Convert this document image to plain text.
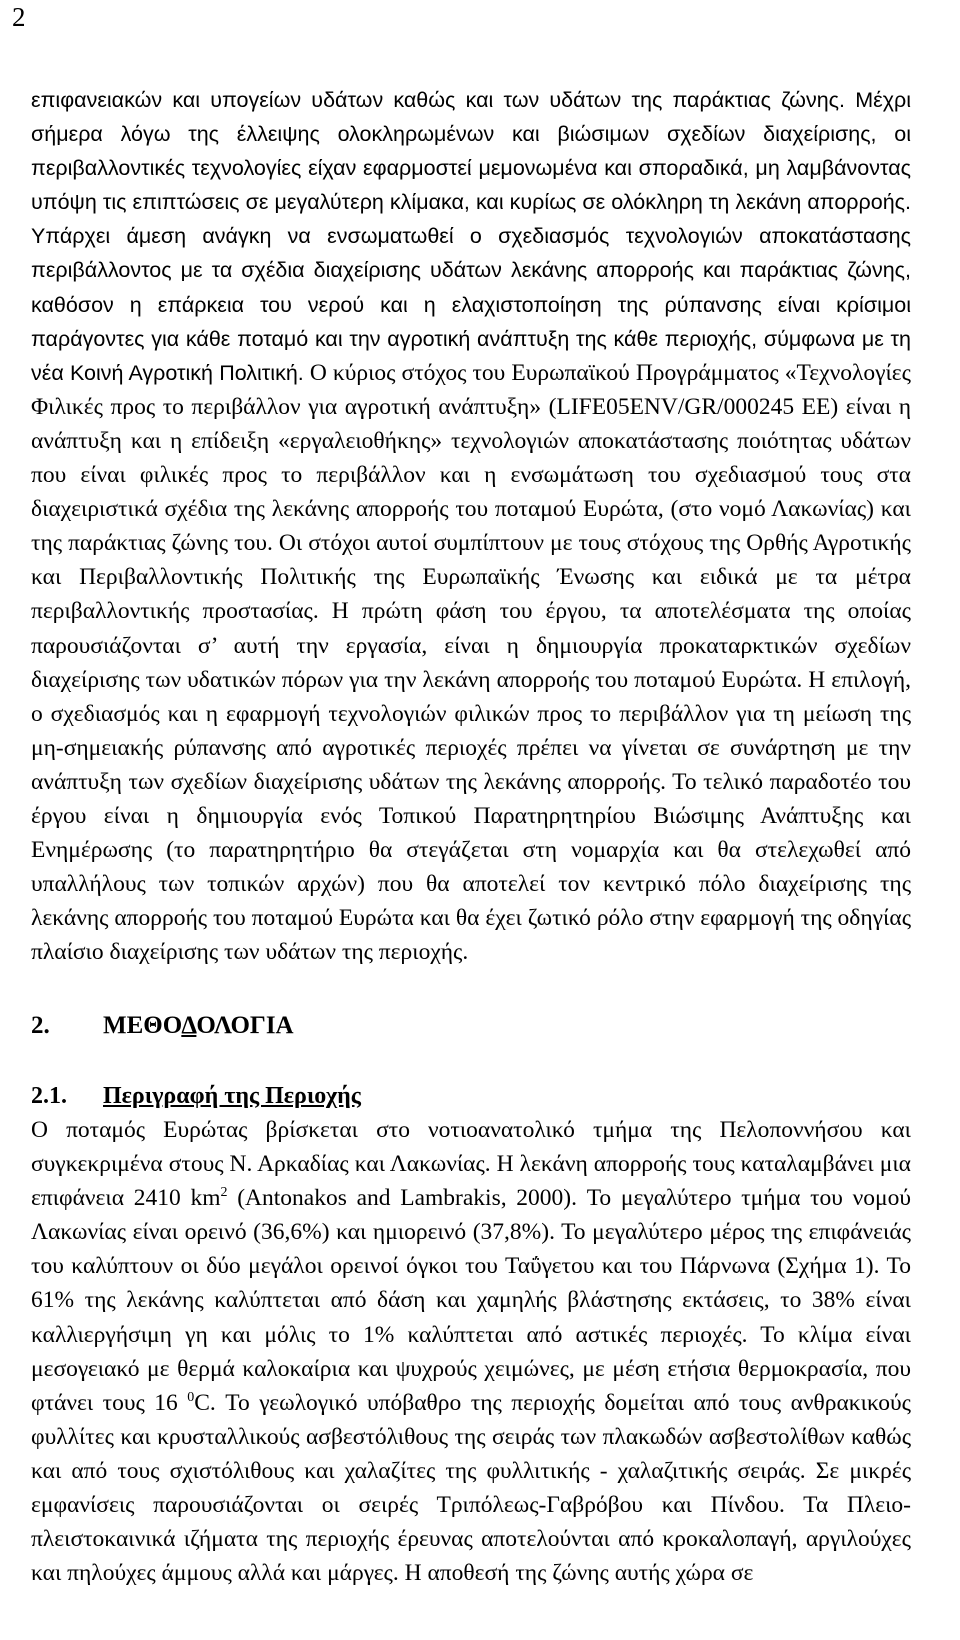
2

επιφανειακών και υπογείων υδάτων καθώς και των υδάτων της παράκτιας ζώνης. Μέχρι σήμερα λόγω της έλλειψης ολοκληρωμένων και βιώσιμων σχεδίων διαχείρισης, οι περιβαλλοντικές τεχνολογίες είχαν εφαρμοστεί μεμονωμένα και σποραδικά, μη λαμβάνοντας υπόψη τις επιπτώσεις σε μεγαλύτερη κλίμακα, και κυρίως σε ολόκληρη τη λεκάνη απορροής. Υπάρχει άμεση ανάγκη να ενσωματωθεί ο σχεδιασμός τεχνολογιών αποκατάστασης περιβάλλοντος με τα σχέδια διαχείρισης υδάτων λεκάνης απορροής και παράκτιας ζώνης, καθόσον η επάρκεια του νερού και η ελαχιστοποίηση της ρύπανσης είναι κρίσιμοι παράγοντες για κάθε ποταμό και την αγροτική ανάπτυξη της κάθε περιοχής, σύμφωνα με τη νέα Κοινή Αγροτική Πολιτική. Ο κύριος στόχος του Ευρωπαϊκού Προγράμματος «Τεχνολογίες Φιλικές προς το περιβάλλον για αγροτική ανάπτυξη» (LIFE05ENV/GR/000245 ΕΕ) είναι η ανάπτυξη και η επίδειξη «εργαλειοθήκης» τεχνολογιών αποκατάστασης ποιότητας υδάτων που είναι φιλικές προς το περιβάλλον και η ενσωμάτωση του σχεδιασμού τους στα διαχειριστικά σχέδια της λεκάνης απορροής του ποταμού Ευρώτα, (στο νομό Λακωνίας) και της παράκτιας ζώνης του. Οι στόχοι αυτοί συμπίπτουν με τους στόχους της Ορθής Αγροτικής και Περιβαλλοντικής Πολιτικής της Ευρωπαϊκής Ένωσης και ειδικά με τα μέτρα περιβαλλοντικής προστασίας. Η πρώτη φάση του έργου, τα αποτελέσματα της οποίας παρουσιάζονται σ’ αυτή την εργασία, είναι η δημιουργία προκαταρκτικών σχεδίων διαχείρισης των υδατικών πόρων για την λεκάνη απορροής του ποταμού Ευρώτα. Η επιλογή, ο σχεδιασμός και η εφαρμογή τεχνολογιών φιλικών προς το περιβάλλον για τη μείωση της μη-σημειακής ρύπανσης από αγροτικές περιοχές πρέπει να γίνεται σε συνάρτηση με την ανάπτυξη των σχεδίων διαχείρισης υδάτων της λεκάνης απορροής. Το τελικό παραδοτέο του έργου είναι η δημιουργία ενός Τοπικού Παρατηρητηρίου Βιώσιμης Ανάπτυξης και Ενημέρωσης (το παρατηρητήριο θα στεγάζεται στη νομαρχία και θα στελεχωθεί από υπαλλήλους των τοπικών αρχών) που θα αποτελεί τον κεντρικό πόλο διαχείρισης της λεκάνης απορροής του ποταμού Ευρώτα και θα έχει ζωτικό ρόλο στην εφαρμογή της οδηγίας πλαίσιο διαχείρισης των υδάτων της περιοχής.

2. ΜΕΘΟΔΟΛΟΓΙΑ
2.1. Περιγραφή της Περιοχής

Ο ποταμός Ευρώτας βρίσκεται στο νοτιοανατολικό τμήμα της Πελοποννήσου και συγκεκριμένα στους Ν. Αρκαδίας και Λακωνίας. Η λεκάνη απορροής τους καταλαμβάνει μια επιφάνεια 2410 $km^2$ (Antonakos and Lambrakis, 2000). Το μεγαλύτερο τμήμα του νομού Λακωνίας είναι ορεινό (36,6%) και ημιορεινό (37,8%). Το μεγαλύτερο μέρος της επιφάνειάς του καλύπτουν οι δύο μεγάλοι ορεινοί όγκοι του Ταΰγετου και του Πάρνωνα (Σχήμα 1). Το 61% της λεκάνης καλύπτεται από δάση και χαμηλής βλάστησης εκτάσεις, το 38% είναι καλλιεργήσιμη γη και μόλις το 1% καλύπτεται από αστικές περιοχές. Το κλίμα είναι μεσογειακό με θερμά καλοκαίρια και ψυχρούς χειμώνες, με μέση ετήσια θερμοκρασία, που φτάνει τους 16 $^0$C. Το γεωλογικό υπόβαθρο της περιοχής δομείται από τους ανθρακικούς φυλλίτες και κρυσταλλικούς ασβεστόλιθους της σειράς των πλακωδών ασβεστολίθων καθώς και από τους σχιστόλιθους και χαλαζίτες της φυλλιτικής - χαλαζιτικής σειράς. Σε μικρές εμφανίσεις παρουσιάζονται οι σειρές Τριπόλεως-Γαβρόβου και Πίνδου. Τα Πλειο-πλειστοκαινικά ιζήματα της περιοχής έρευνας αποτελούνται από κροκαλοπαγή, αργιλούχες και πηλούχες άμμους αλλά και μάργες. Η αποθεσή της ζώνης αυτής χώρα σε
